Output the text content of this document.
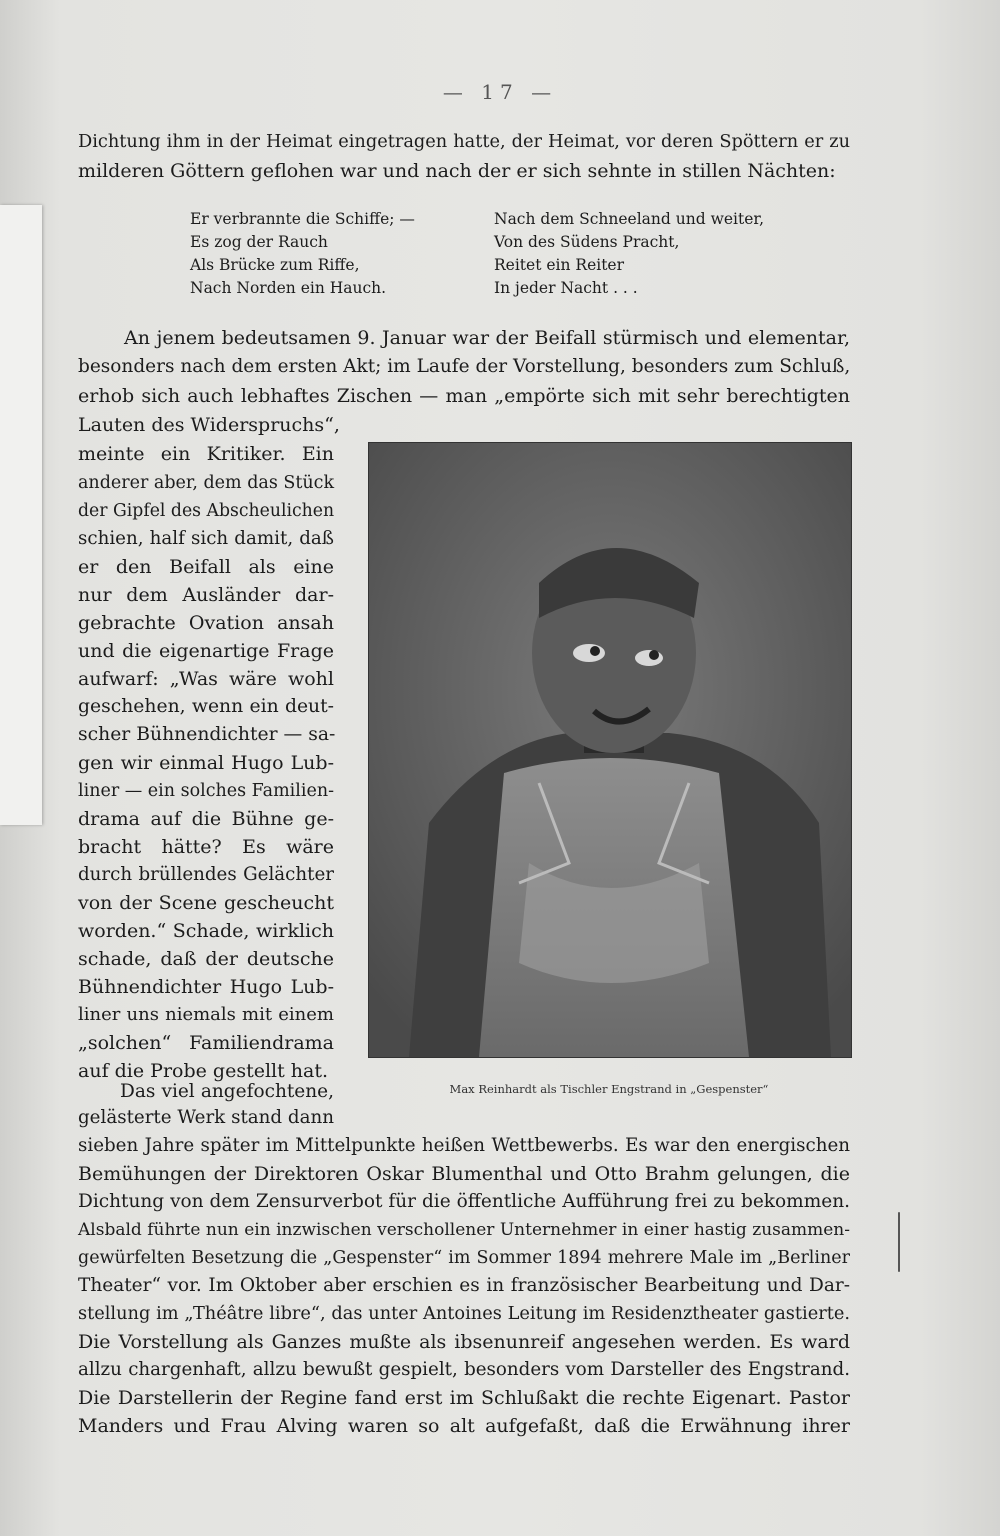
— 17 —
Dichtung ihm in der Heimat eingetragen hatte, der Heimat, vor deren Spöttern er zu
milderen Göttern geflohen war und nach der er sich sehnte in stillen Nächten:
Er verbrannte die Schiffe; —
Es zog der Rauch
Als Brücke zum Riffe,
Nach Norden ein Hauch.
Nach dem Schneeland und weiter,
Von des Südens Pracht,
Reitet ein Reiter
In jeder Nacht . . .
An jenem bedeutsamen 9. Januar war der Beifall stürmisch und elementar,
besonders nach dem ersten Akt; im Laufe der Vorstellung, besonders zum Schluß,
erhob sich auch lebhaftes Zischen — man „empörte sich mit sehr berechtigten
Lauten des Widerspruchs“,
meinte ein Kritiker. Ein
anderer aber, dem das Stück
der Gipfel des Abscheulichen
schien, half sich damit, daß
er den Beifall als eine
nur dem Ausländer dar-
gebrachte Ovation ansah
und die eigenartige Frage
aufwarf: „Was wäre wohl
geschehen, wenn ein deut-
scher Bühnendichter — sa-
gen wir einmal Hugo Lub-
liner — ein solches Familien-
drama auf die Bühne ge-
bracht hätte? Es wäre
durch brüllendes Gelächter
von der Scene gescheucht
worden.“ Schade, wirklich
schade, daß der deutsche
Bühnendichter Hugo Lub-
liner uns niemals mit einem
„solchen“ Familiendrama
auf die Probe gestellt hat.
Das viel angefochtene,
gelästerte Werk stand dann
Max Reinhardt als Tischler Engstrand in „Gespenster“
sieben Jahre später im Mittelpunkte heißen Wettbewerbs. Es war den energischen
Bemühungen der Direktoren Oskar Blumenthal und Otto Brahm gelungen, die
Dichtung von dem Zensurverbot für die öffentliche Aufführung frei zu bekommen.
Alsbald führte nun ein inzwischen verschollener Unternehmer in einer hastig zusammen-
gewürfelten Besetzung die „Gespenster“ im Sommer 1894 mehrere Male im „Berliner
Theater“ vor. Im Oktober aber erschien es in französischer Bearbeitung und Dar-
stellung im „Théâtre libre“, das unter Antoines Leitung im Residenztheater gastierte.
Die Vorstellung als Ganzes mußte als ibsenunreif angesehen werden. Es ward
allzu chargenhaft, allzu bewußt gespielt, besonders vom Darsteller des Engstrand.
Die Darstellerin der Regine fand erst im Schlußakt die rechte Eigenart. Pastor
Manders und Frau Alving waren so alt aufgefaßt, daß die Erwähnung ihrer
